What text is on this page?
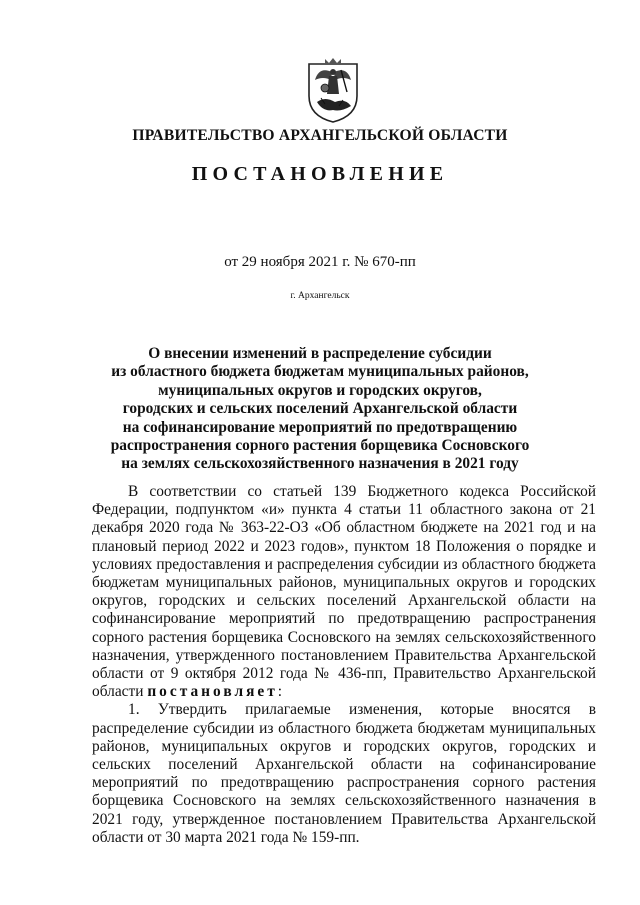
ПРАВИТЕЛЬСТВО АРХАНГЕЛЬСКОЙ ОБЛАСТИ
ПОСТАНОВЛЕНИЕ
от 29 ноября 2021 г. № 670-пп
г. Архангельск
О внесении изменений в распределение субсидии
из областного бюджета бюджетам муниципальных районов,
муниципальных округов и городских округов,
городских и сельских поселений Архангельской области
на софинансирование мероприятий по предотвращению
распространения сорного растения борщевика Сосновского
на землях сельскохозяйственного назначения в 2021 году

В соответствии со статьей 139 Бюджетного кодекса Российской Федерации, подпунктом «и» пункта 4 статьи 11 областного закона от 21 декабря 2020 года № 363-22-ОЗ «Об областном бюджете на 2021 год и на плановый период 2022 и 2023 годов», пунктом 18 Положения о порядке и условиях предоставления и распределения субсидии из областного бюджета бюджетам муниципальных районов, муниципальных округов и городских округов, городских и сельских поселений Архангельской области на софинансирование мероприятий по предотвращению распространения сорного растения борщевика Сосновского на землях сельскохозяйственного назначения, утвержденного постановлением Правительства Архангельской области от 9 октября 2012 года № 436-пп, Правительство Архангельской области постановляет:

1. Утвердить прилагаемые изменения, которые вносятся в распределение субсидии из областного бюджета бюджетам муниципальных районов, муниципальных округов и городских округов, городских и сельских поселений Архангельской области на софинансирование мероприятий по предотвращению распространения сорного растения борщевика Сосновского на землях сельскохозяйственного назначения в 2021 году, утвержденное постановлением Правительства Архангельской области от 30 марта 2021 года № 159-пп.
